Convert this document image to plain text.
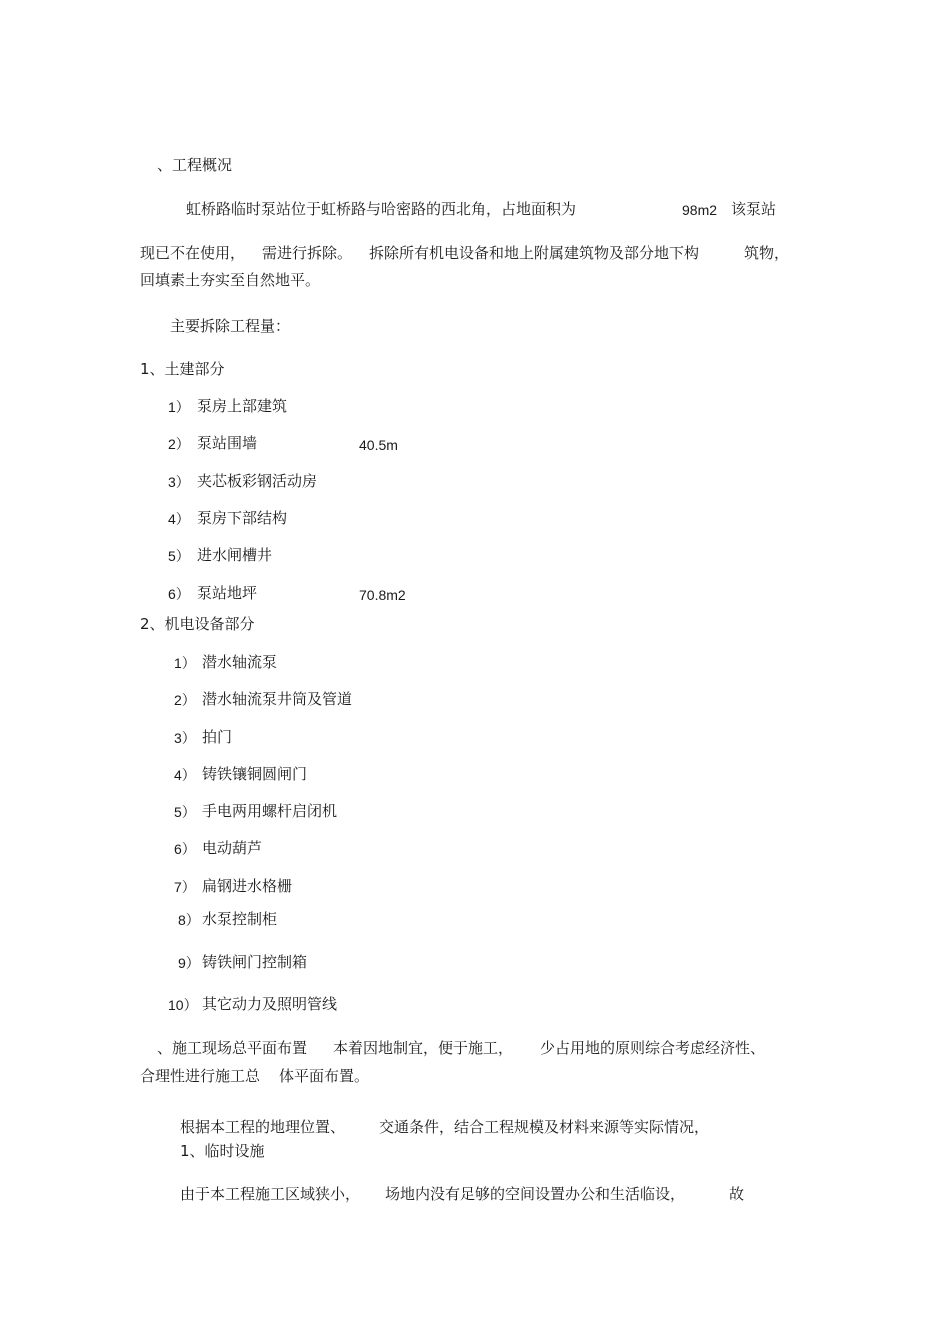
、工程概况
虹桥路临时泵站位于虹桥路与哈密路的西北角，占地面积为	98m2 该泵站
现已不在使用， 需进行拆除。 拆除所有机电设备和地上附属建筑物及部分地下构	筑物，
回填素土夯实至自然地平。
主要拆除工程量：
1、土建部分
1） 泵房上部建筑
2） 泵站围墙	40.5m
3） 夹芯板彩钢活动房
4） 泵房下部结构
5） 进水闸槽井
6） 泵站地坪	70.8m2
2、机电设备部分
1） 潜水轴流泵
2） 潜水轴流泵井筒及管道
3） 拍门
4） 铸铁镶铜圆闸门
5） 手电两用螺杆启闭机
6） 电动葫芦
7） 扁钢进水格栅
8） 水泵控制柜
9） 铸铁闸门控制箱
10） 其它动力及照明管线
、施工现场总平面布置 本着因地制宜，便于施工， 少占用地的原则综合考虑经济性、
合理性进行施工总 体平面布置。
根据本工程的地理位置、 交通条件，结合工程规模及材料来源等实际情况，
1、临时设施
由于本工程施工区域狭小， 场地内没有足够的空间设置办公和生活临设，	故
